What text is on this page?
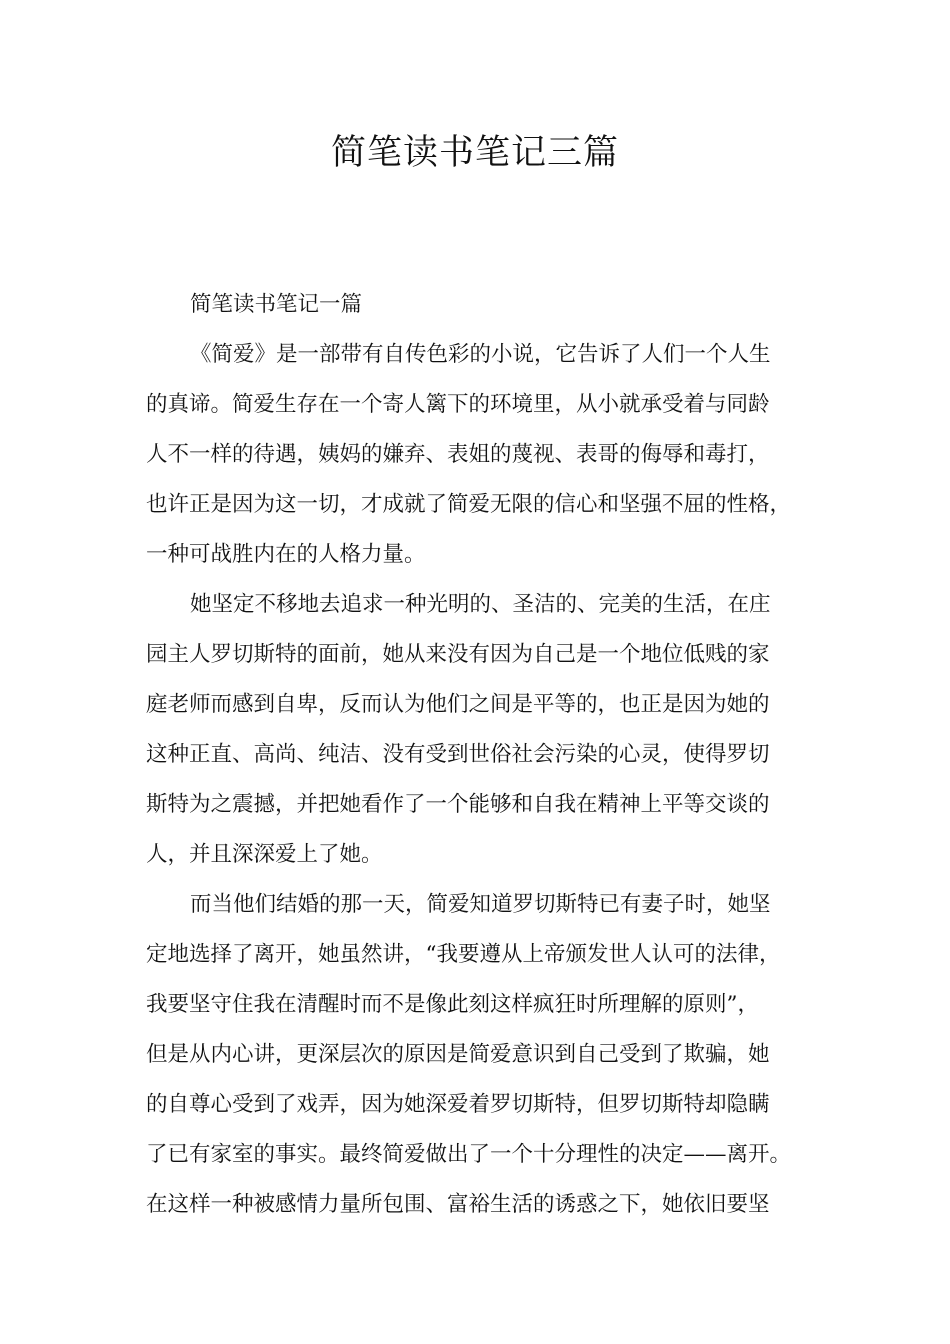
简笔读书笔记三篇

简笔读书笔记一篇

《简爱》是一部带有自传色彩的小说，它告诉了人们一个人生
的真谛。简爱生存在一个寄人篱下的环境里，从小就承受着与同龄
人不一样的待遇，姨妈的嫌弃、表姐的蔑视、表哥的侮辱和毒打，
也许正是因为这一切，才成就了简爱无限的信心和坚强不屈的性格，
一种可战胜内在的人格力量。

她坚定不移地去追求一种光明的、圣洁的、完美的生活，在庄
园主人罗切斯特的面前，她从来没有因为自己是一个地位低贱的家
庭老师而感到自卑，反而认为他们之间是平等的，也正是因为她的
这种正直、高尚、纯洁、没有受到世俗社会污染的心灵，使得罗切
斯特为之震撼，并把她看作了一个能够和自我在精神上平等交谈的
人，并且深深爱上了她。

而当他们结婚的那一天，简爱知道罗切斯特已有妻子时，她坚
定地选择了离开，她虽然讲，“我要遵从上帝颁发世人认可的法律，
我要坚守住我在清醒时而不是像此刻这样疯狂时所理解的原则”，
但是从内心讲，更深层次的原因是简爱意识到自己受到了欺骗，她
的自尊心受到了戏弄，因为她深爱着罗切斯特，但罗切斯特却隐瞒
了已有家室的事实。最终简爱做出了一个十分理性的决定——离开。
在这样一种被感情力量所包围、富裕生活的诱惑之下，她依旧要坚
